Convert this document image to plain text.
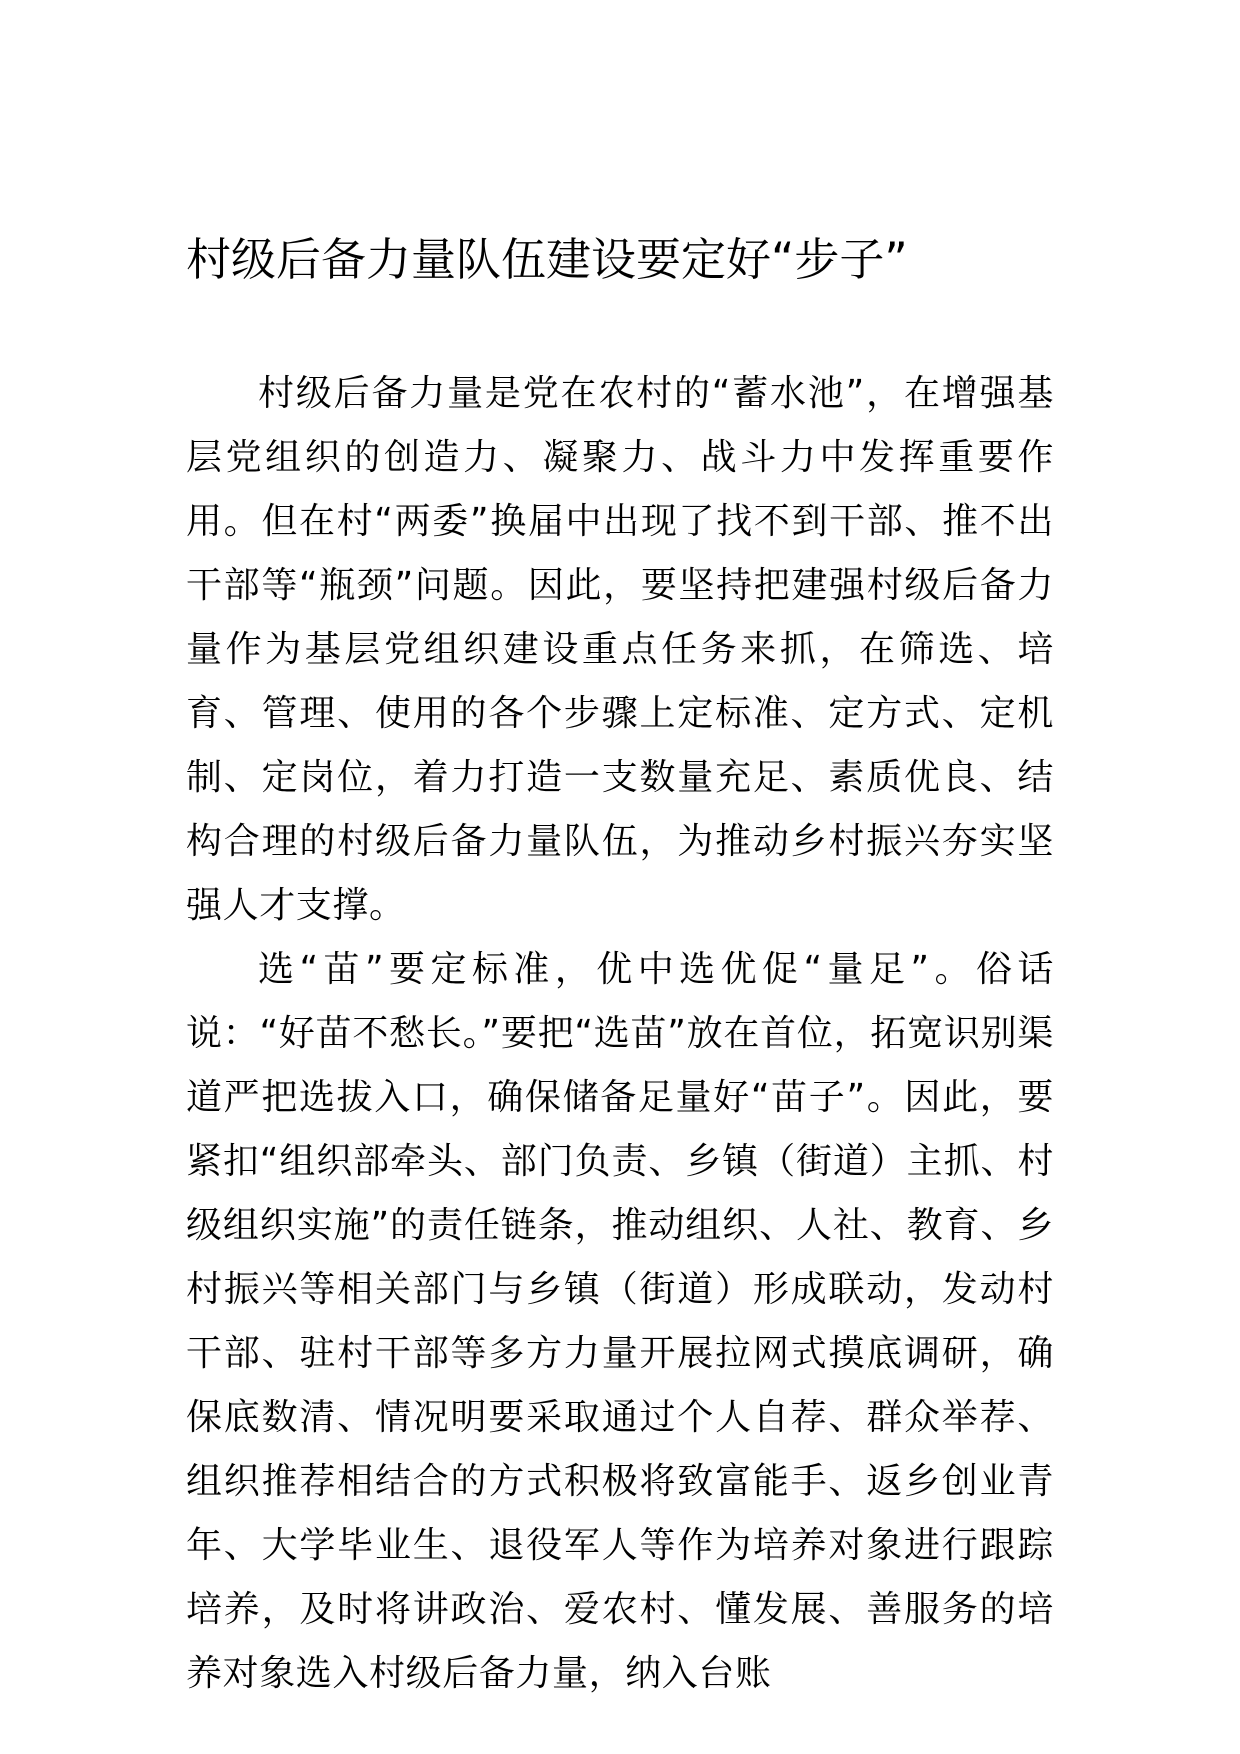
村级后备力量队伍建设要定好“步子”

村级后备力量是党在农村的“蓄水池”，在增强基层党组织的创造力、凝聚力、战斗力中发挥重要作用。但在村“两委”换届中出现了找不到干部、推不出干部等“瓶颈”问题。因此，要坚持把建强村级后备力量作为基层党组织建设重点任务来抓，在筛选、培育、管理、使用的各个步骤上定标准、定方式、定机制、定岗位，着力打造一支数量充足、素质优良、结构合理的村级后备力量队伍，为推动乡村振兴夯实坚强人才支撑。

选“苗”要定标准，优中选优促“量足”。俗话说：“好苗不愁长。”要把“选苗”放在首位，拓宽识别渠道严把选拔入口，确保储备足量好“苗子”。因此，要紧扣“组织部牵头、部门负责、乡镇（街道）主抓、村级组织实施”的责任链条，推动组织、人社、教育、乡村振兴等相关部门与乡镇（街道）形成联动，发动村干部、驻村干部等多方力量开展拉网式摸底调研，确保底数清、情况明要采取通过个人自荐、群众举荐、组织推荐相结合的方式积极将致富能手、返乡创业青年、大学毕业生、退役军人等作为培养对象进行跟踪培养，及时将讲政治、爱农村、懂发展、善服务的培养对象选入村级后备力量，纳入台账
